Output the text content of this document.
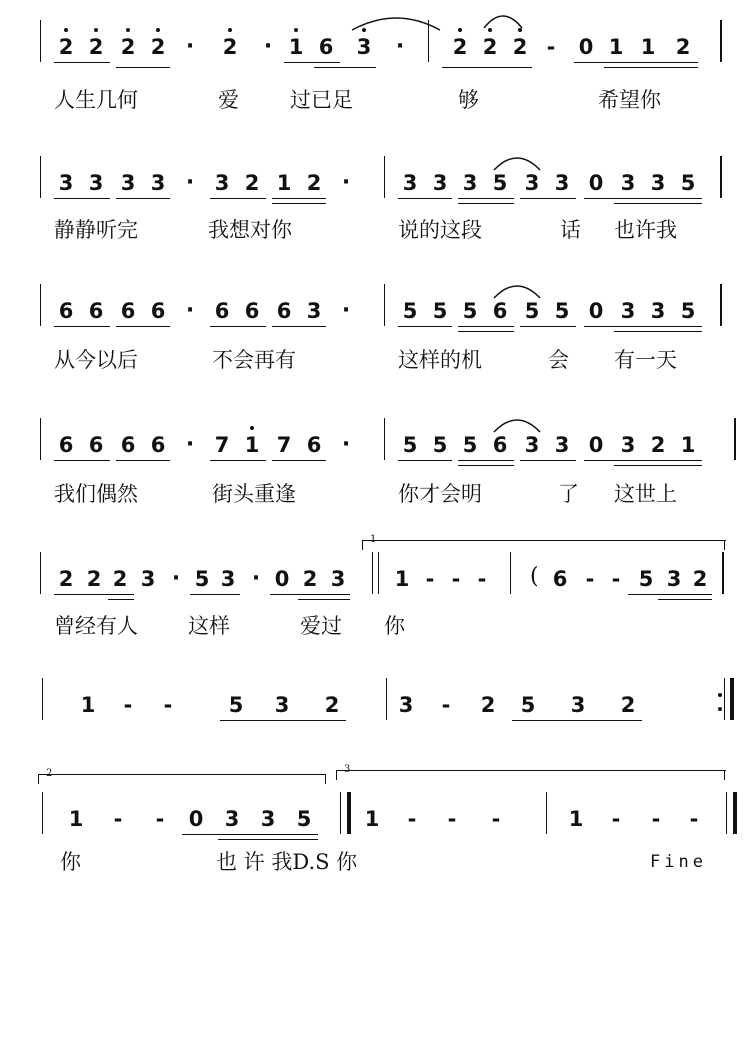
2 2 2 2 ·	2	· 1 6 3	·	2 2 2 -	0 1 1 2
人生几何	爱 过已足	够	希望你
3 3 3 3 · 3 2 1 2 ·	3 3 3 5 3 3 0 3 3 5
静静听完	我想对你	说的这段	话 也许我
6 6 6 6 · 6 6 6 3 ·	5 5 5 6 5 5 0 3 3 5
从今以后	不会再有	这样的机	会 有一天
6 6 6 6 · 7 1 7 6 ·	5 5 5 6 3 3 0 3 2 1
我们偶然	街头重逢	你才会明	了 这世上
2 2 2 3 · 5 3 · 0 2 3 1 - - -	( 6 - - 5 3 2
曾经有人 这样	爱过 你
1	-	-	5 3 2	3	-	2 5 3 2
1	-	-	0 3 3 5	1	-	-	-	1	-	-	-
你	也 许 我D.S 你	Fine
1
2	3
